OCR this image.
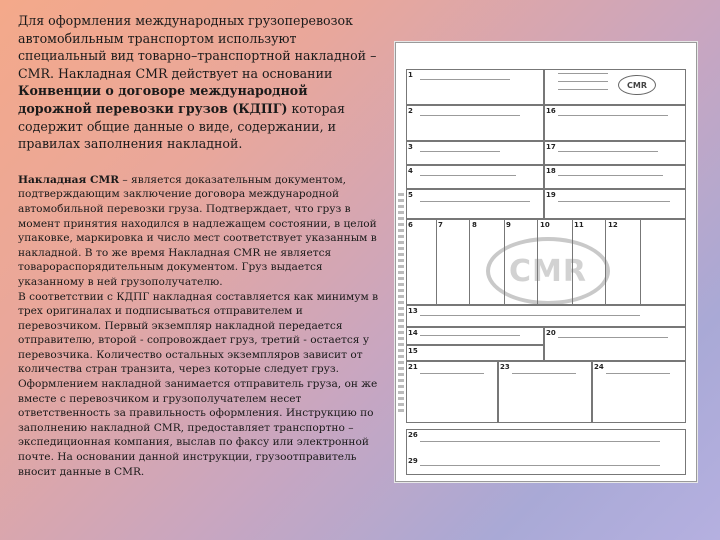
Для оформления международных грузоперевозок автомобильным транспортом используют специальный вид товарно–транспортной накладной – CMR. Накладная CMR действует на основании Конвенции о договоре международной дорожной перевозки грузов (КДПГ) которая содержит общие данные о виде, содержании, и правилах заполнения накладной.

Накладная CMR – является доказательным документом, подтверждающим заключение договора международной автомобильной перевозки груза. Подтверждает, что груз в момент принятия находился в надлежащем состоянии, в целой упаковке, маркировка и число мест соответствует указанным в накладной. В то же время Накладная CMR не является товарораспорядительным документом. Груз выдается указанному в ней грузополучателю.

В соответствии с КДПГ накладная составляется как минимум в трех оригиналах и подписываться отправителем и перевозчиком. Первый экземпляр накладной передается отправителю, второй - сопровождает груз, третий - остается у перевозчика. Количество остальных экземпляров зависит от количества стран транзита, через которые следует груз. Оформлением накладной занимается отправитель груза, он же вместе с перевозчиком и грузополучателем несет ответственность за правильность оформления. Инструкцию по заполнению накладной CMR, предоставляет транспортно – экспедиционная компания, выслав по факсу или электронной почте. На основании данной инструкции, грузоотправитель вносит данные в CMR.

CMR
CMR
1
2
3
4
5
6	7	8	9	10	11	12
13
14
15
16
17
18
19
20
21	23	24
26
29
